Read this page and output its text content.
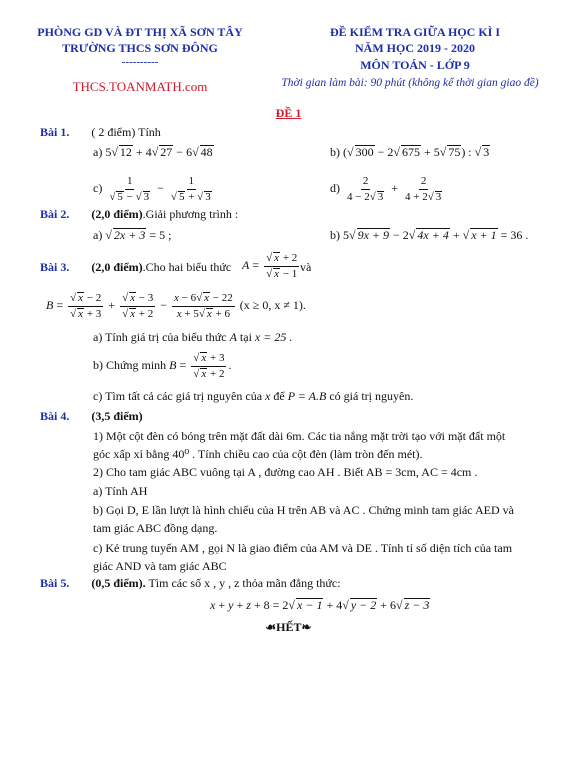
PHÒNG GD VÀ ĐT THỊ XÃ SƠN TÂY
TRƯỜNG THCS SƠN ĐÔNG
----------
THCS.TOANMATH.com
ĐỀ KIỂM TRA GIỮA HỌC KÌ I
NĂM HỌC 2019 - 2020
MÔN TOÁN - LỚP 9
Thời gian làm bài: 90 phút (không kể thời gian giao đề)
ĐỀ 1
Bài 1. ( 2 điểm) Tính
a) 5√ 12 + 4√ 27 − 6√ 48	b) (√ 300 − 2√ 675 + 5√ 75) : √ 3
$c) \frac{1}{√ 5 - √ 3} - \frac{1}{√ 5 + √ 3}$	$d) \frac{2}{4 - 2√ 3} + \frac{2}{4 + 2√ 3}$
Bài 2. (2,0 điểm).Giải phương trình :
a) √ 2x + 3 = 5 ;	b) 5√ 9x + 9 − 2√ 4x + 4 + √ x + 1 = 36 .
Bài 3. (2,0 điểm).Cho hai biểu thức $A = \frac{√ x + 2}{√ x - 1}$ và
$B = \frac{√ x - 2}{√ x + 3} + \frac{√ x - 3}{√ x + 2} - \frac{x - 6√ x - 22}{x + 5√ x + 6} (x \ge 0$, x ≠ 1).
a) Tính giá trị của biểu thức A tại x = 25 .
b) Chứng minh $B = \frac{√ x + 3}{√ x + 2}$ .
c) Tìm tất cả các giá trị nguyên của x để P = A.B có giá trị nguyên.
Bài 4. (3,5 điểm)
1) Một cột đèn có bóng trên mặt đất dài 6m. Các tia nắng mặt trời tạo với mặt đất một góc xấp xỉ bằng 40⁰ . Tính chiều cao của cột đèn (làm tròn đến mét).
2) Cho tam giác ABC vuông tại A , đường cao AH . Biết AB = 3cm, AC = 4cm .
a) Tính AH
b) Gọi D, E lần lượt là hình chiếu của H trên AB và AC . Chứng minh tam giác AED và tam giác ABC đồng dạng.
c) Kẻ trung tuyến AM , gọi N là giao điểm của AM và DE . Tính tỉ số diện tích của tam giác AND và tam giác ABC
Bài 5. (0,5 điểm). Tìm các số x , y , z thỏa mãn đẳng thức:
x + y + z + 8 = 2√ x − 1 + 4√ y − 2 + 6√ z − 3
☙HẾT❧
